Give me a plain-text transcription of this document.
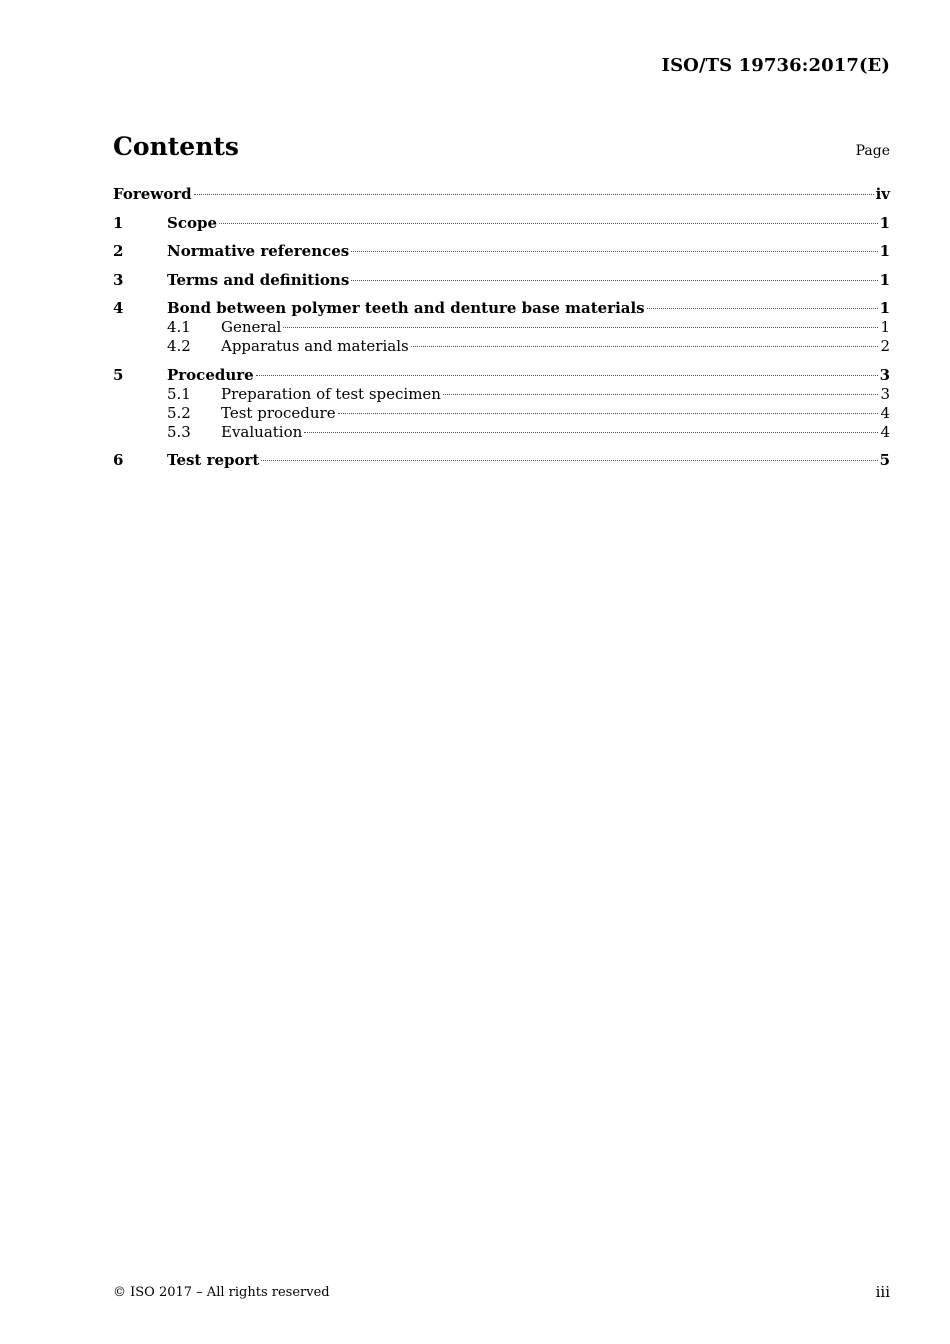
ISO/TS 19736:2017(E)
Contents	Page
Foreword	iv
1	Scope	1
2	Normative references	1
3	Terms and definitions	1
4	Bond between polymer teeth and denture base materials	1
4.1	General	1
4.2	Apparatus and materials	2
5	Procedure	3
5.1	Preparation of test specimen	3
5.2	Test procedure	4
5.3	Evaluation	4
6	Test report	5
© ISO 2017 – All rights reserved	iii
